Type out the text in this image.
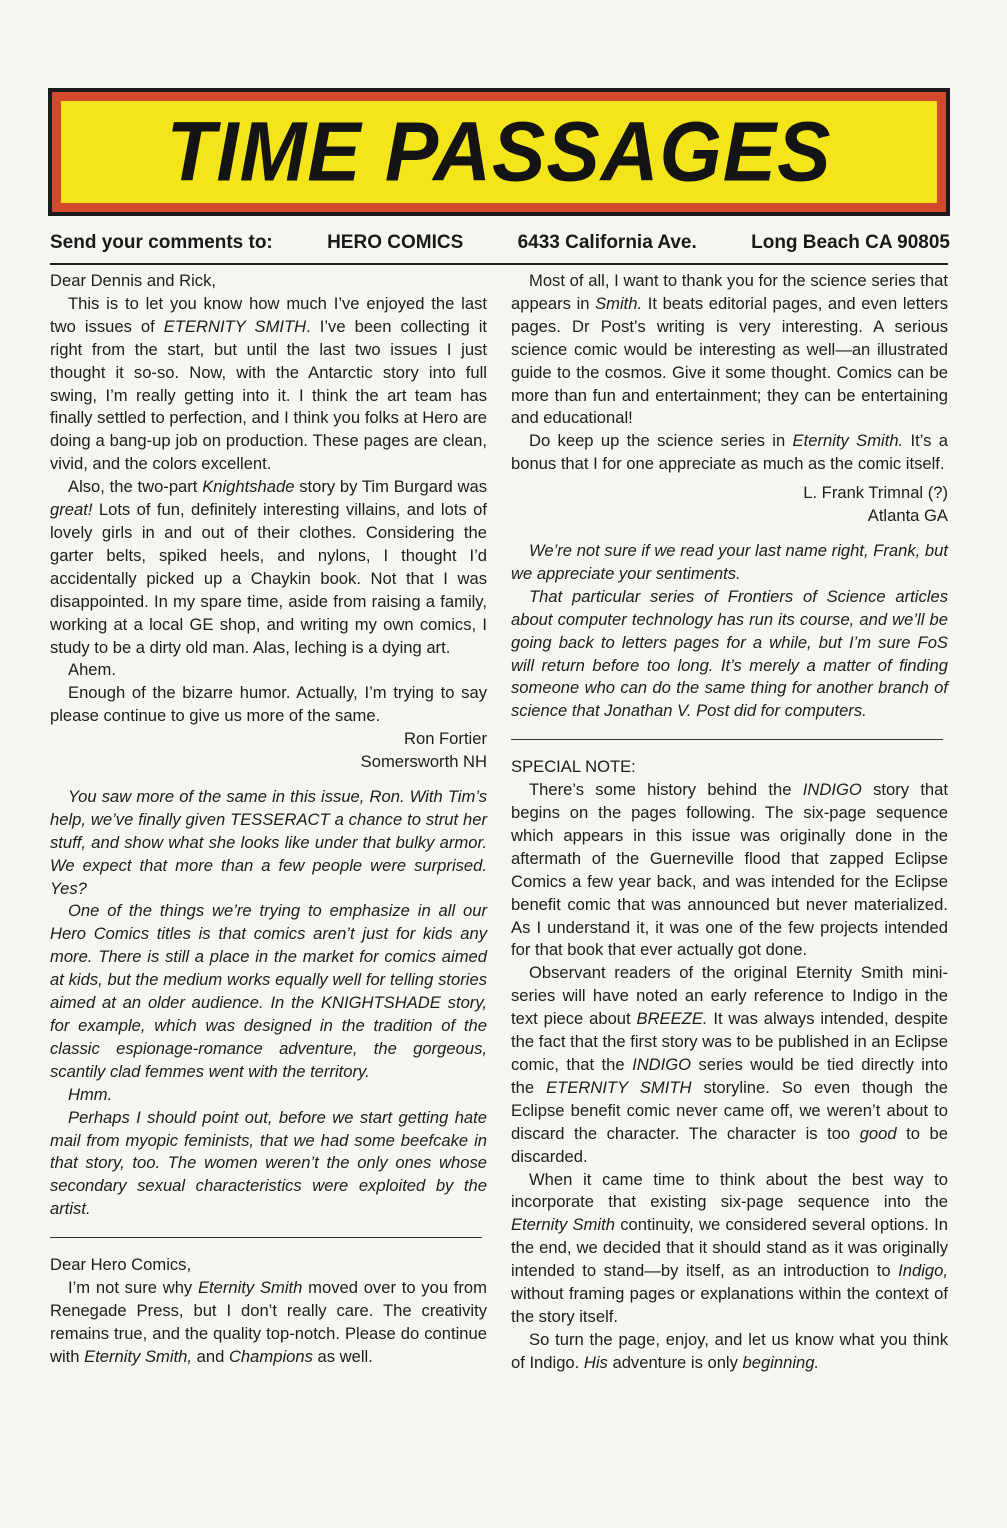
TIME PASSAGES
Send your comments to:	HERO COMICS	6433 California Ave.	Long Beach CA 90805

Dear Dennis and Rick,

This is to let you know how much I’ve enjoyed the last two issues of ETERNITY SMITH. I’ve been collecting it right from the start, but until the last two issues I just thought it so-so. Now, with the Antarctic story into full swing, I’m really getting into it. I think the art team has finally settled to perfection, and I think you folks at Hero are doing a bang-up job on production. These pages are clean, vivid, and the colors excellent.

Also, the two-part Knightshade story by Tim Burgard was great! Lots of fun, definitely interesting villains, and lots of lovely girls in and out of their clothes. Considering the garter belts, spiked heels, and nylons, I thought I’d accidentally picked up a Chaykin book. Not that I was disappointed. In my spare time, aside from raising a family, working at a local GE shop, and writing my own comics, I study to be a dirty old man. Alas, leching is a dying art.

Ahem.

Enough of the bizarre humor. Actually, I’m trying to say please continue to give us more of the same.

Ron Fortier

Somersworth NH

You saw more of the same in this issue, Ron. With Tim’s help, we’ve finally given TESSERACT a chance to strut her stuff, and show what she looks like under that bulky armor. We expect that more than a few people were surprised. Yes?

One of the things we’re trying to emphasize in all our Hero Comics titles is that comics aren’t just for kids any more. There is still a place in the market for comics aimed at kids, but the medium works equally well for telling stories aimed at an older audience. In the KNIGHTSHADE story, for example, which was designed in the tradition of the classic espionage-romance adventure, the gorgeous, scantily clad femmes went with the territory.

Hmm.

Perhaps I should point out, before we start getting hate mail from myopic feminists, that we had some beefcake in that story, too. The women weren’t the only ones whose secondary sexual characteristics were exploited by the artist.

Dear Hero Comics,

I’m not sure why Eternity Smith moved over to you from Renegade Press, but I don’t really care. The creativity remains true, and the quality top-notch. Please do continue with Eternity Smith, and Champions as well.

Most of all, I want to thank you for the science series that appears in Smith. It beats editorial pages, and even letters pages. Dr Post’s writing is very interesting. A serious science comic would be interesting as well—an illustrated guide to the cosmos. Give it some thought. Comics can be more than fun and entertainment; they can be entertaining and educational!

Do keep up the science series in Eternity Smith. It’s a bonus that I for one appreciate as much as the comic itself.

L. Frank Trimnal (?)

Atlanta GA

We’re not sure if we read your last name right, Frank, but we appreciate your sentiments.

That particular series of Frontiers of Science articles about computer technology has run its course, and we’ll be going back to letters pages for a while, but I’m sure FoS will return before too long. It’s merely a matter of finding someone who can do the same thing for another branch of science that Jonathan V. Post did for computers.

SPECIAL NOTE:

There’s some history behind the INDIGO story that begins on the pages following. The six-page sequence which appears in this issue was originally done in the aftermath of the Guerneville flood that zapped Eclipse Comics a few year back, and was intended for the Eclipse benefit comic that was announced but never materialized. As I understand it, it was one of the few projects intended for that book that ever actually got done.

Observant readers of the original Eternity Smith mini-series will have noted an early reference to Indigo in the text piece about BREEZE. It was always intended, despite the fact that the first story was to be published in an Eclipse comic, that the INDIGO series would be tied directly into the ETERNITY SMITH storyline. So even though the Eclipse benefit comic never came off, we weren’t about to discard the character. The character is too good to be discarded.

When it came time to think about the best way to incorporate that existing six-page sequence into the Eternity Smith continuity, we considered several options. In the end, we decided that it should stand as it was originally intended to stand—by itself, as an introduction to Indigo, without framing pages or explanations within the context of the story itself.

So turn the page, enjoy, and let us know what you think of Indigo. His adventure is only beginning.
